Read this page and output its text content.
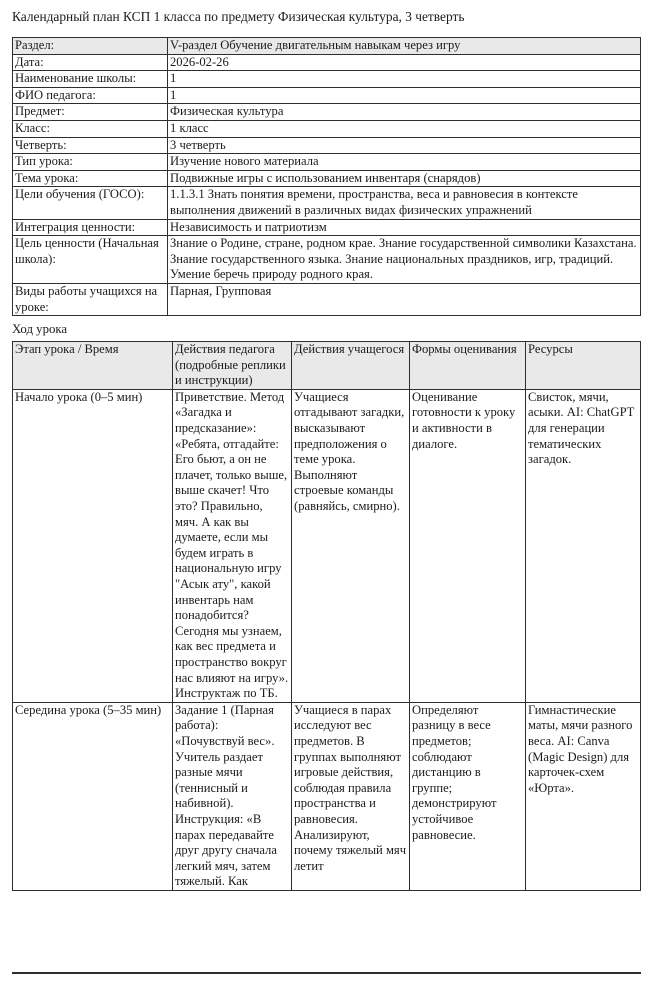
Календарный план КСП 1 класса по предмету Физическая культура, 3 четверть
Раздел:	V-раздел Обучение двигательным навыкам через игру
Дата:	2026-02-26
Наименование школы:	1
ФИО педагога:	1
Предмет:	Физическая культура
Класс:	1 класс
Четверть:	3 четверть
Тип урока:	Изучение нового материала
Тема урока:	Подвижные игры с использованием инвентаря (снарядов)
Цели обучения (ГОСО):	1.1.3.1 Знать понятия времени, пространства, веса и равновесия в контексте выполнения движений в различных видах физических упражнений
Интеграция ценности:	Независимость и патриотизм
Цель ценности (Начальная школа):	Знание о Родине, стране, родном крае. Знание государственной символики Казахстана. Знание государственного языка. Знание национальных праздников, игр, традиций. Умение беречь природу родного края.
Виды работы учащихся на уроке:	Парная, Групповая
Ход урока
Этап урока / Время	Действия педагога (подробные реплики и инструкции)	Действия учащегося	Формы оценивания	Ресурсы
Начало урока (0–5 мин)	Приветствие. Метод «Загадка и предсказание»: «Ребята, отгадайте: Его бьют, а он не плачет, только выше, выше скачет! Что это? Правильно, мяч. А как вы думаете, если мы будем играть в национальную игру "Асык ату", какой инвентарь нам понадобится? Сегодня мы узнаем, как вес предмета и пространство вокруг нас влияют на игру». Инструктаж по ТБ.	Учащиеся отгадывают загадки, высказывают предположения о теме урока. Выполняют строевые команды (равняйсь, смирно).	Оценивание готовности к уроку и активности в диалоге.	Свисток, мячи, асыки. AI: ChatGPT для генерации тематических загадок.
Середина урока (5–35 мин)	Задание 1 (Парная работа): «Почувствуй вес». Учитель раздает разные мячи (теннисный и набивной). Инструкция: «В парах передавайте друг другу сначала легкий мяч, затем тяжелый. Как	Учащиеся в парах исследуют вес предметов. В группах выполняют игровые действия, соблюдая правила пространства и равновесия. Анализируют, почему тяжелый мяч летит	Определяют разницу в весе предметов; соблюдают дистанцию в группе; демонстрируют устойчивое равновесие.	Гимнастические маты, мячи разного веса. AI: Canva (Magic Design) для карточек-схем «Юрта».
